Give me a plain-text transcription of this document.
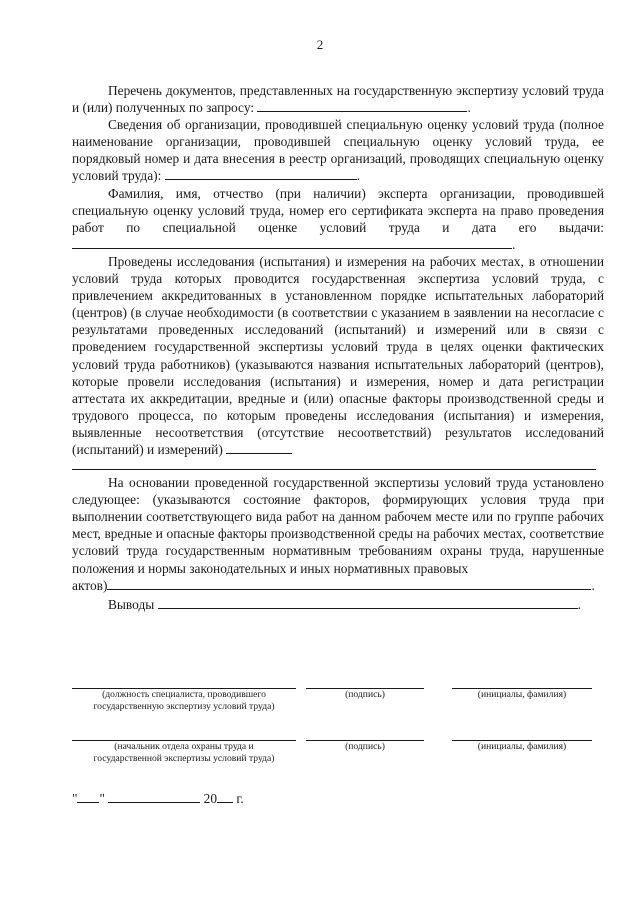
2

Перечень документов, представленных на государственную экспертизу условий труда и (или) полученных по запросу:	.

Сведения об организации, проводившей специальную оценку условий труда (полное наименование организации, проводившей специальную оценку условий труда, ее порядковый номер и дата внесения в реестр организаций, проводящих специальную оценку условий труда):	.

Фамилия, имя, отчество (при наличии) эксперта организации, проводившей специальную оценку условий труда, номер его сертификата эксперта на право проведения работ по специальной оценке условий труда и дата его выдачи: .

Проведены исследования (испытания) и измерения на рабочих местах, в отношении условий труда которых проводится государственная экспертиза условий труда, с привлечением аккредитованных в установленном порядке испытательных лабораторий (центров) (в случае необходимости (в соответствии с указанием в заявлении на несогласие с результатами проведенных исследований (испытаний) и измерений или в связи с проведением государственной экспертизы условий труда в целях оценки фактических условий труда работников) (указываются названия испытательных лабораторий (центров), которые провели исследования (испытания) и измерения, номер и дата регистрации аттестата их аккредитации, вредные и (или) опасные факторы производственной среды и трудового процесса, по которым проведены исследования (испытания) и измерения, выявленные несоответствия (отсутствие несоответствий) результатов исследований (испытаний) и измерений)

На основании проведенной государственной экспертизы условий труда установлено следующее: (указываются состояние факторов, формирующих условия труда при выполнении соответствующего вида работ на данном рабочем месте или по группе рабочих мест, вредные и опасные факторы производственной среды на рабочих местах, соответствие условий труда государственным нормативным требованиям охраны труда, нарушенные положения и нормы законодательных и иных нормативных правовых

актов)	.
Выводы	.
(должность специалиста, проводившего
государственную экспертизу условий труда)
(подпись)	(инициалы, фамилия)
(начальник отдела охраны труда и
государственной экспертизы условий труда)
(подпись)	(инициалы, фамилия)
" "	20 г.
